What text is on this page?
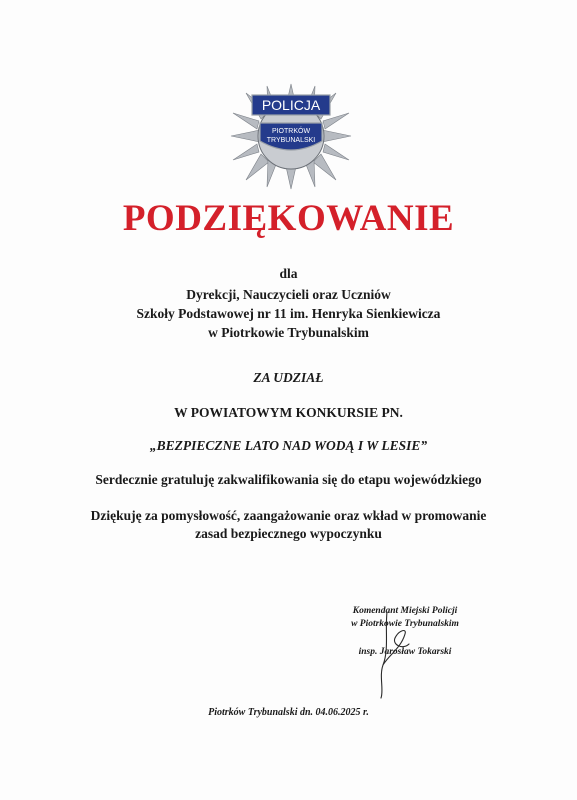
POLICJA
PIOTRKÓW
TRYBUNALSKI
PODZIĘKOWANIE
dla
Dyrekcji, Nauczycieli oraz Uczniów
Szkoły Podstawowej nr 11 im. Henryka Sienkiewicza
w Piotrkowie Trybunalskim
ZA UDZIAŁ
W POWIATOWYM KONKURSIE PN.
„BEZPIECZNE LATO NAD WODĄ I W LESIE”
Serdecznie gratuluję zakwalifikowania się do etapu wojewódzkiego
Dziękuję za pomysłowość, zaangażowanie oraz wkład w promowanie
zasad bezpiecznego wypoczynku
Komendant Miejski Policji
w Piotrkowie Trybunalskim
insp. Jarosław Tokarski
Piotrków Trybunalski dn. 04.06.2025 r.
